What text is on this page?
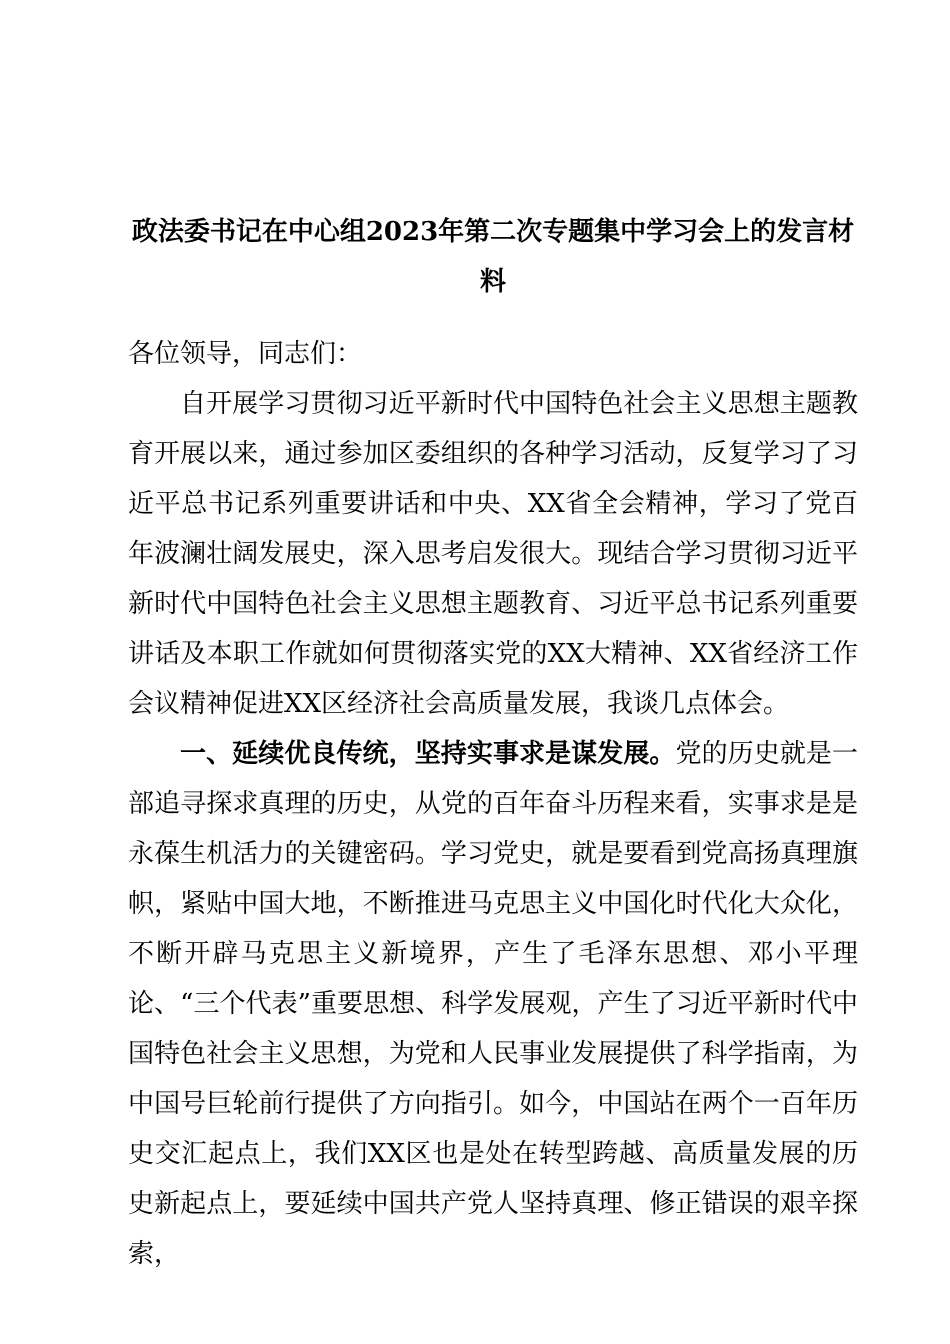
政法委书记在中心组2023年第二次专题集中学习会上的发言材料

各位领导，同志们：

自开展学习贯彻习近平新时代中国特色社会主义思想主题教育开展以来，通过参加区委组织的各种学习活动，反复学习了习近平总书记系列重要讲话和中央、XX省全会精神，学习了党百年波澜壮阔发展史，深入思考启发很大。现结合学习贯彻习近平新时代中国特色社会主义思想主题教育、习近平总书记系列重要讲话及本职工作就如何贯彻落实党的XX大精神、XX省经济工作会议精神促进XX区经济社会高质量发展，我谈几点体会。

一、延续优良传统，坚持实事求是谋发展。党的历史就是一部追寻探求真理的历史，从党的百年奋斗历程来看，实事求是是永葆生机活力的关键密码。学习党史，就是要看到党高扬真理旗帜，紧贴中国大地，不断推进马克思主义中国化时代化大众化，不断开辟马克思主义新境界，产生了毛泽东思想、邓小平理论、“三个代表”重要思想、科学发展观，产生了习近平新时代中国特色社会主义思想，为党和人民事业发展提供了科学指南，为中国号巨轮前行提供了方向指引。如今，中国站在两个一百年历史交汇起点上，我们XX区也是处在转型跨越、高质量发展的历史新起点上，要延续中国共产党人坚持真理、修正错误的艰辛探索，
